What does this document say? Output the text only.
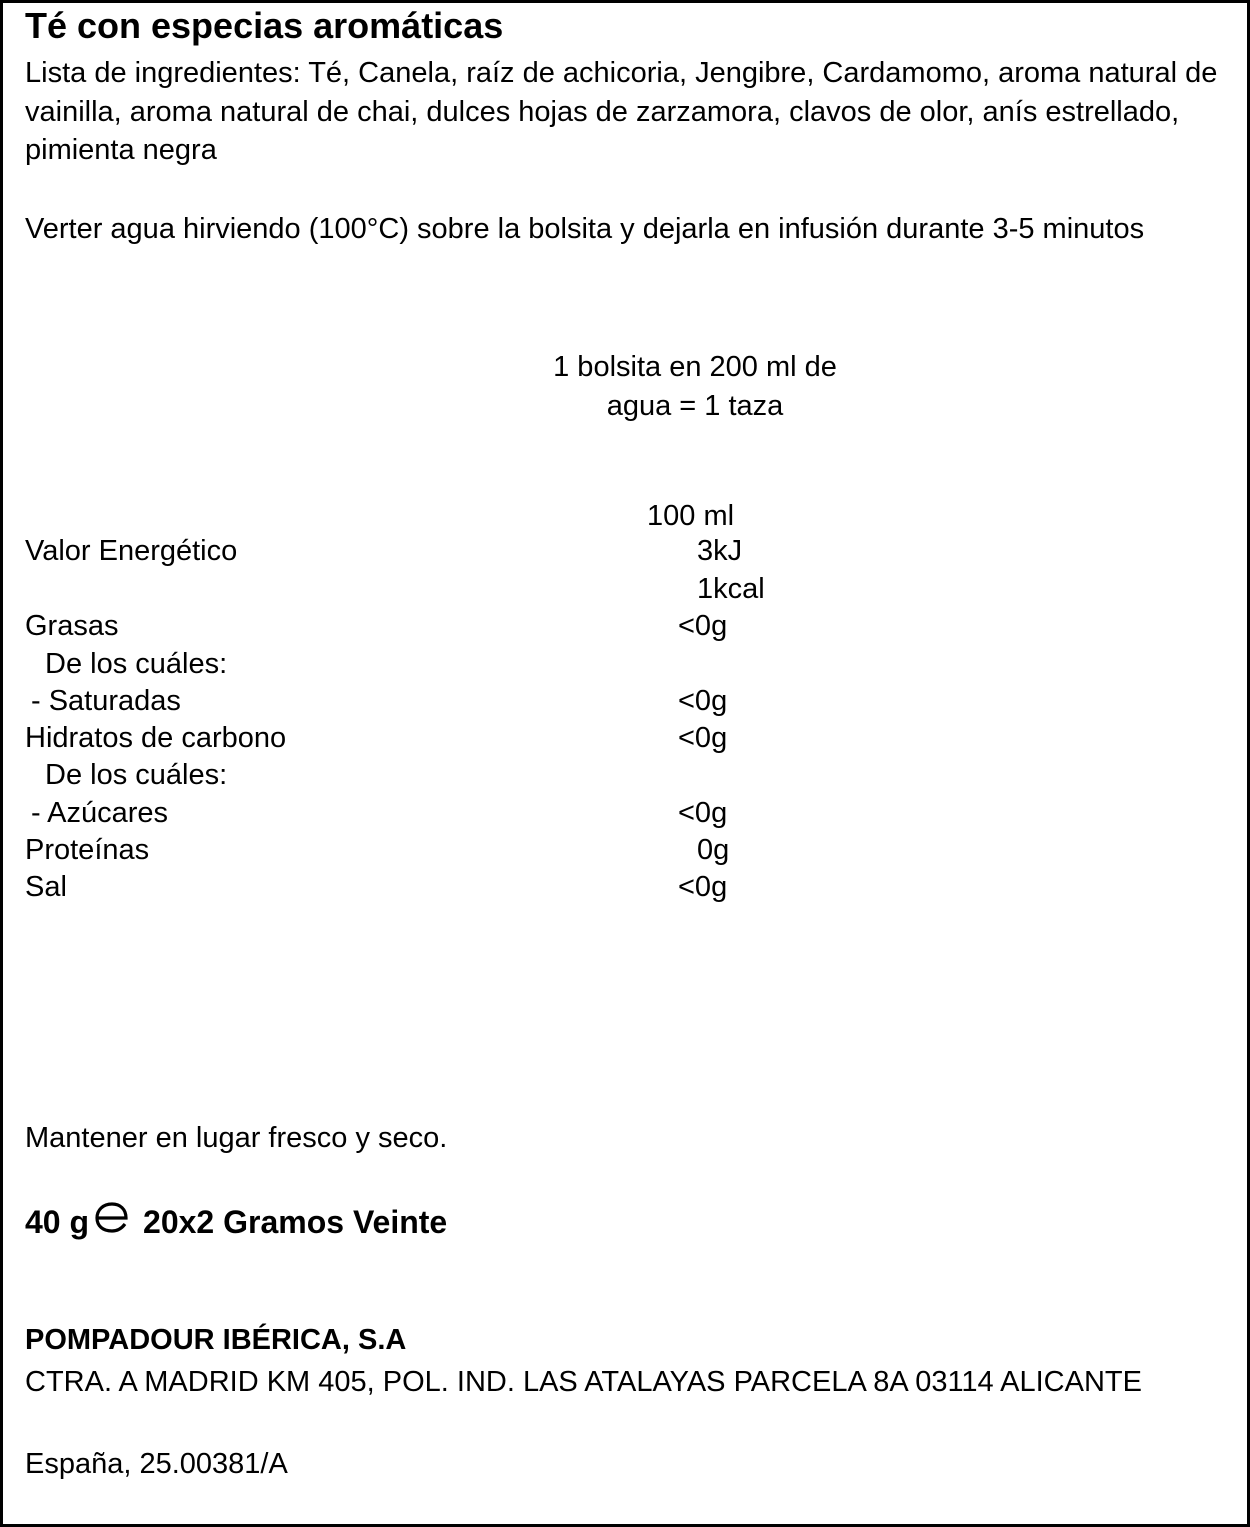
Té con especias aromáticas
Lista de ingredientes: Té, Canela, raíz de achicoria, Jengibre, Cardamomo, aroma natural de vainilla, aroma natural de chai, dulces hojas de zarzamora, clavos de olor, anís estrellado, pimienta negra
Verter agua hirviendo (100°C) sobre la bolsita y dejarla en infusión durante 3-5 minutos
1 bolsita en 200 ml de
agua = 1 taza
100 ml
Valor Energético	3kJ
1kcal
Grasas	<0g
De los cuáles:
- Saturadas	<0g
Hidratos de carbono	<0g
De los cuáles:
- Azúcares	<0g
Proteínas	0g
Sal	<0g
Mantener en lugar fresco y seco.
40 g 20x2 Gramos Veinte
POMPADOUR IBÉRICA, S.A
CTRA. A MADRID KM 405, POL. IND. LAS ATALAYAS PARCELA 8A 03114 ALICANTE
España, 25.00381/A
